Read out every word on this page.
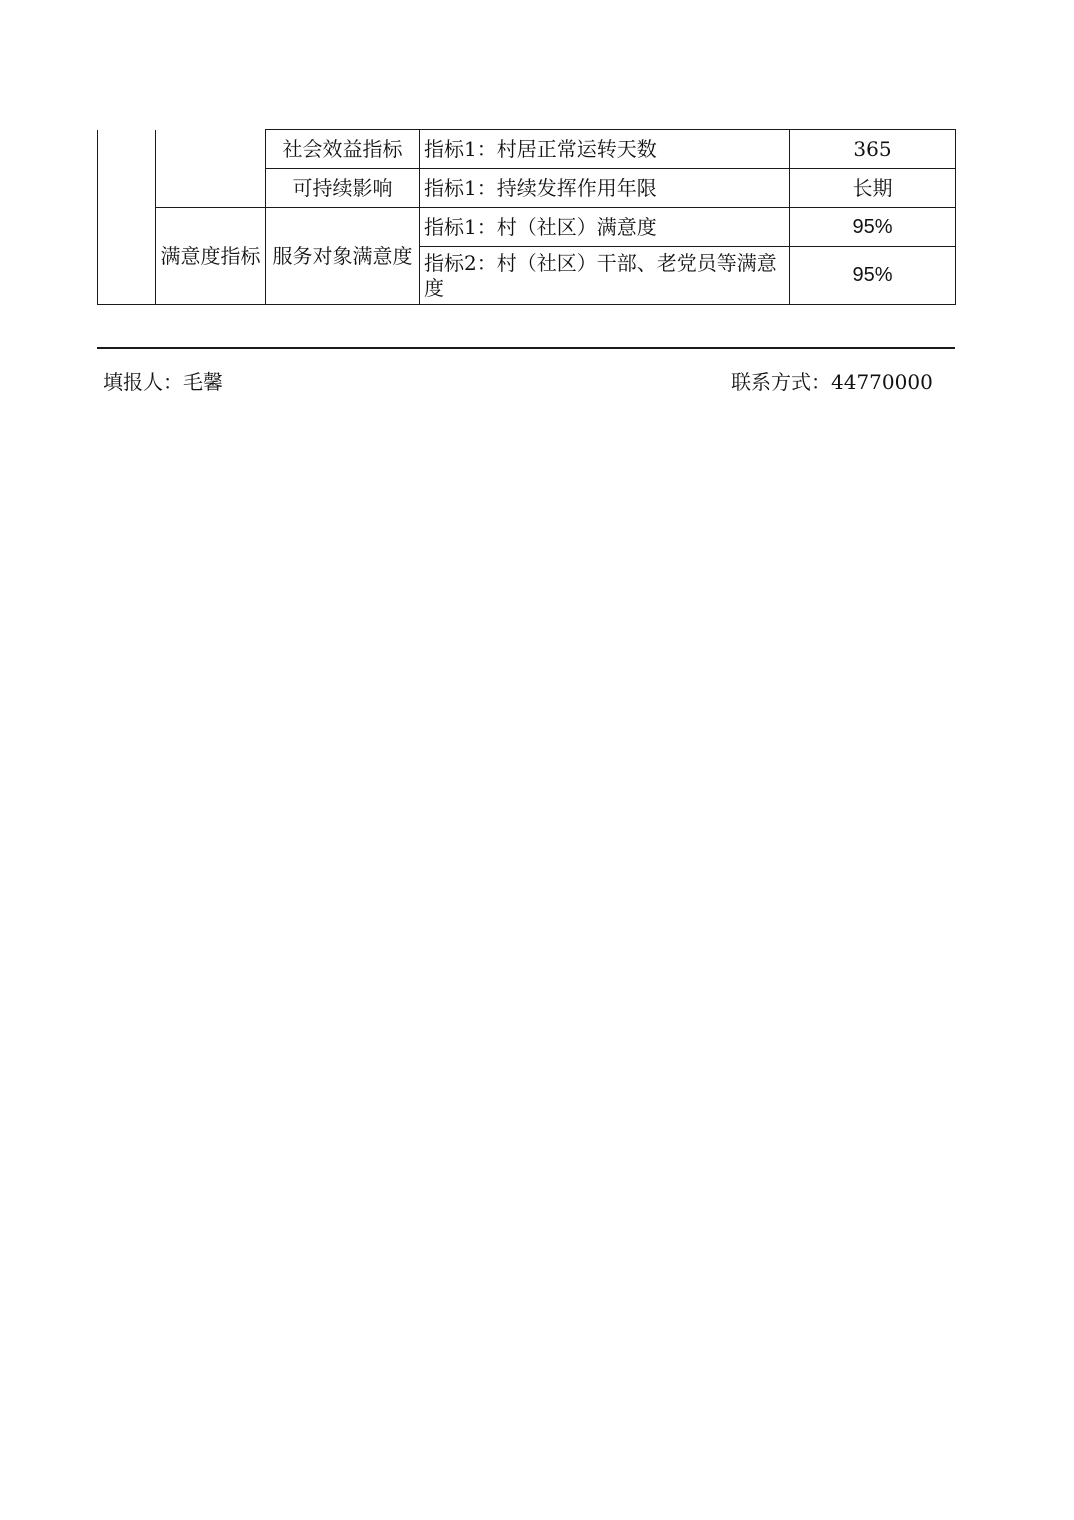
		社会效益指标	指标1：村居正常运转天数	365
		可持续影响	指标1：持续发挥作用年限	长期
	满意度指标	服务对象满意度	指标1：村（社区）满意度	95%
			指标2：村（社区）干部、老党员等满意度	95%
填报人：毛馨	联系方式：44770000
